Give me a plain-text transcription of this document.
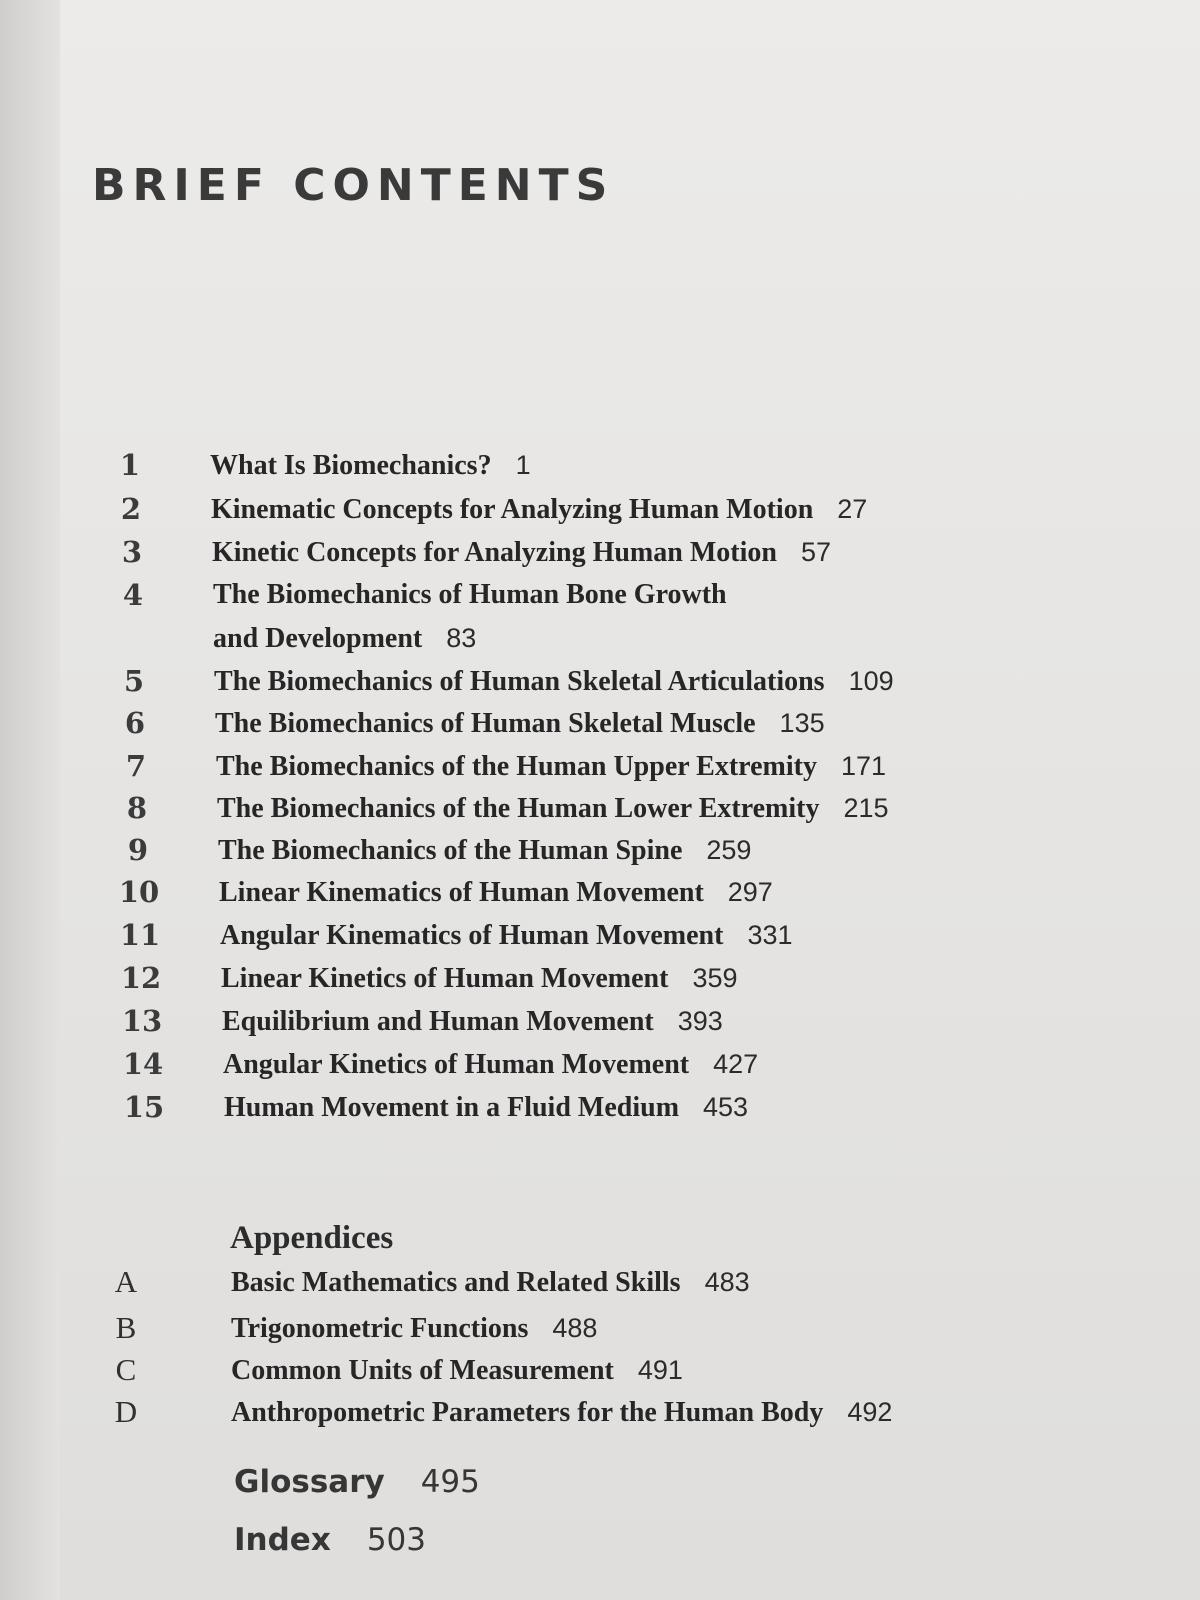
BRIEF CONTENTS
1	What Is Biomechanics? 1
2	Kinematic Concepts for Analyzing Human Motion 27
3	Kinetic Concepts for Analyzing Human Motion 57
4	The Biomechanics of Human Bone Growth
and Development 83
5	The Biomechanics of Human Skeletal Articulations 109
6	The Biomechanics of Human Skeletal Muscle 135
7	The Biomechanics of the Human Upper Extremity 171
8	The Biomechanics of the Human Lower Extremity 215
9	The Biomechanics of the Human Spine 259
10	Linear Kinematics of Human Movement 297
11	Angular Kinematics of Human Movement 331
12	Linear Kinetics of Human Movement 359
13	Equilibrium and Human Movement 393
14	Angular Kinetics of Human Movement 427
15	Human Movement in a Fluid Medium 453
Appendices
A	Basic Mathematics and Related Skills 483
B	Trigonometric Functions 488
C	Common Units of Measurement 491
D	Anthropometric Parameters for the Human Body 492
Glossary 495
Index 503
